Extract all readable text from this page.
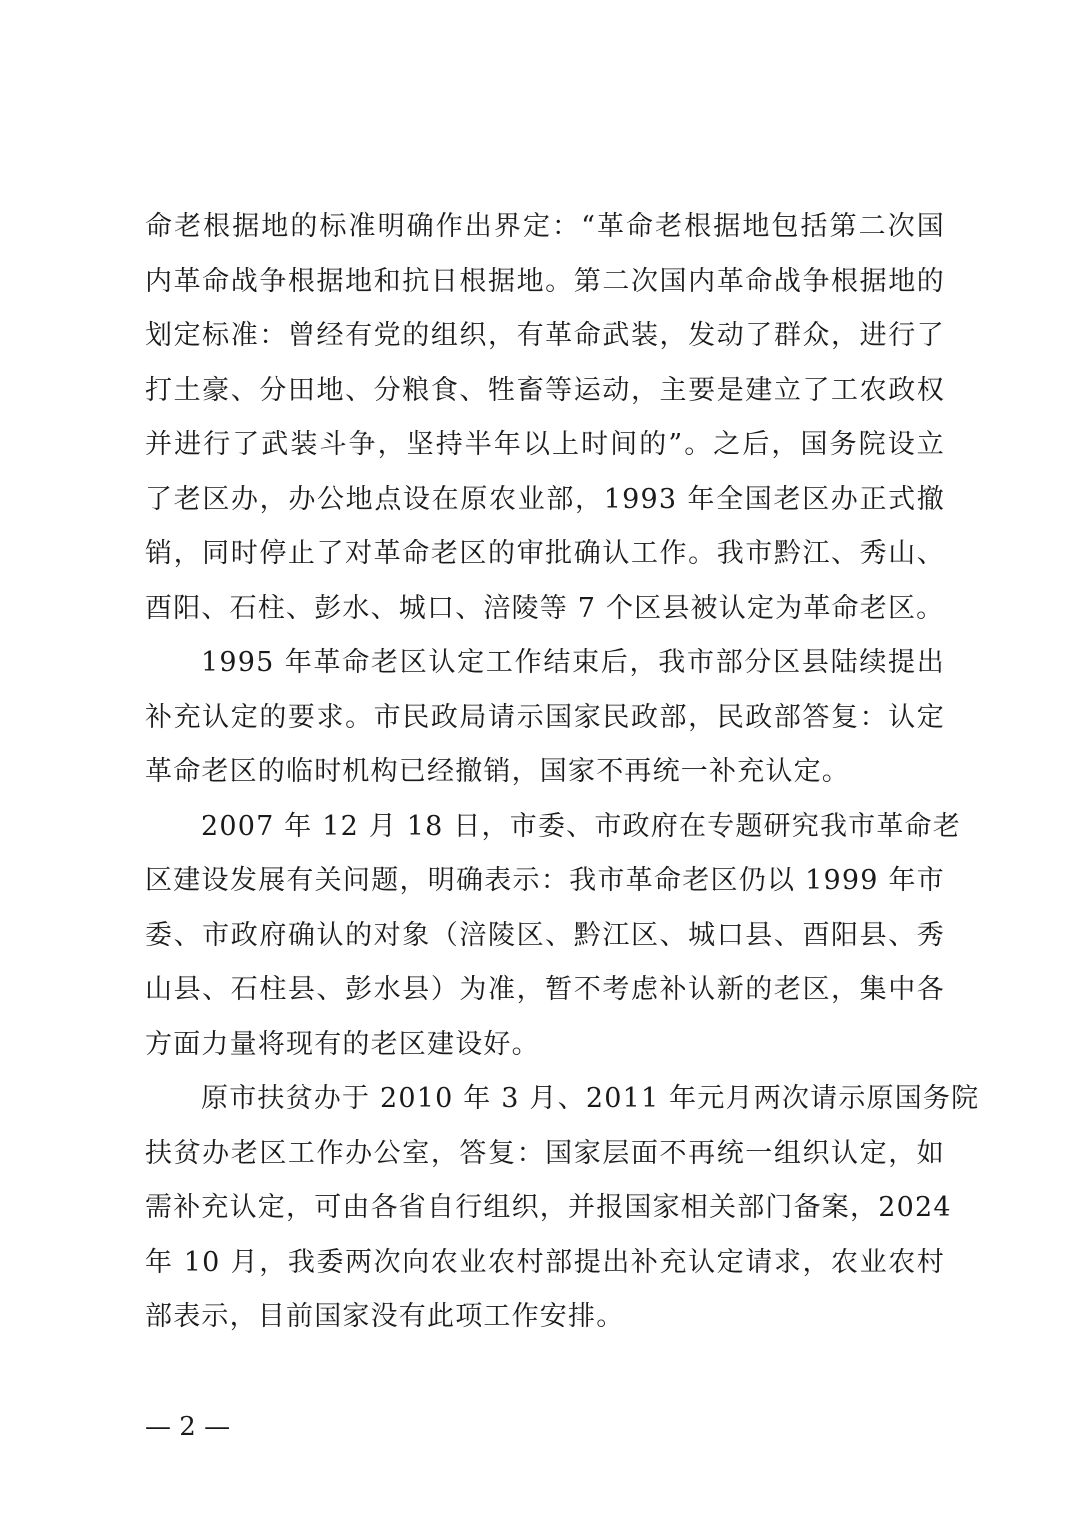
命老根据地的标准明确作出界定：“革命老根据地包括第二次国
内革命战争根据地和抗日根据地。第二次国内革命战争根据地的
划定标准：曾经有党的组织，有革命武装，发动了群众，进行了
打土豪、分田地、分粮食、牲畜等运动，主要是建立了工农政权
并进行了武装斗争，坚持半年以上时间的”。之后，国务院设立
了老区办，办公地点设在原农业部，1993 年全国老区办正式撤
销，同时停止了对革命老区的审批确认工作。我市黔江、秀山、
酉阳、石柱、彭水、城口、涪陵等 7 个区县被认定为革命老区。
1995 年革命老区认定工作结束后，我市部分区县陆续提出
补充认定的要求。市民政局请示国家民政部，民政部答复：认定
革命老区的临时机构已经撤销，国家不再统一补充认定。
2007 年 12 月 18 日，市委、市政府在专题研究我市革命老
区建设发展有关问题，明确表示：我市革命老区仍以 1999 年市
委、市政府确认的对象（涪陵区、黔江区、城口县、酉阳县、秀
山县、石柱县、彭水县）为准，暂不考虑补认新的老区，集中各
方面力量将现有的老区建设好。
原市扶贫办于 2010 年 3 月、2011 年元月两次请示原国务院
扶贫办老区工作办公室，答复：国家层面不再统一组织认定，如
需补充认定，可由各省自行组织，并报国家相关部门备案，2024
年 10 月，我委两次向农业农村部提出补充认定请求，农业农村
部表示，目前国家没有此项工作安排。
— 2 —
